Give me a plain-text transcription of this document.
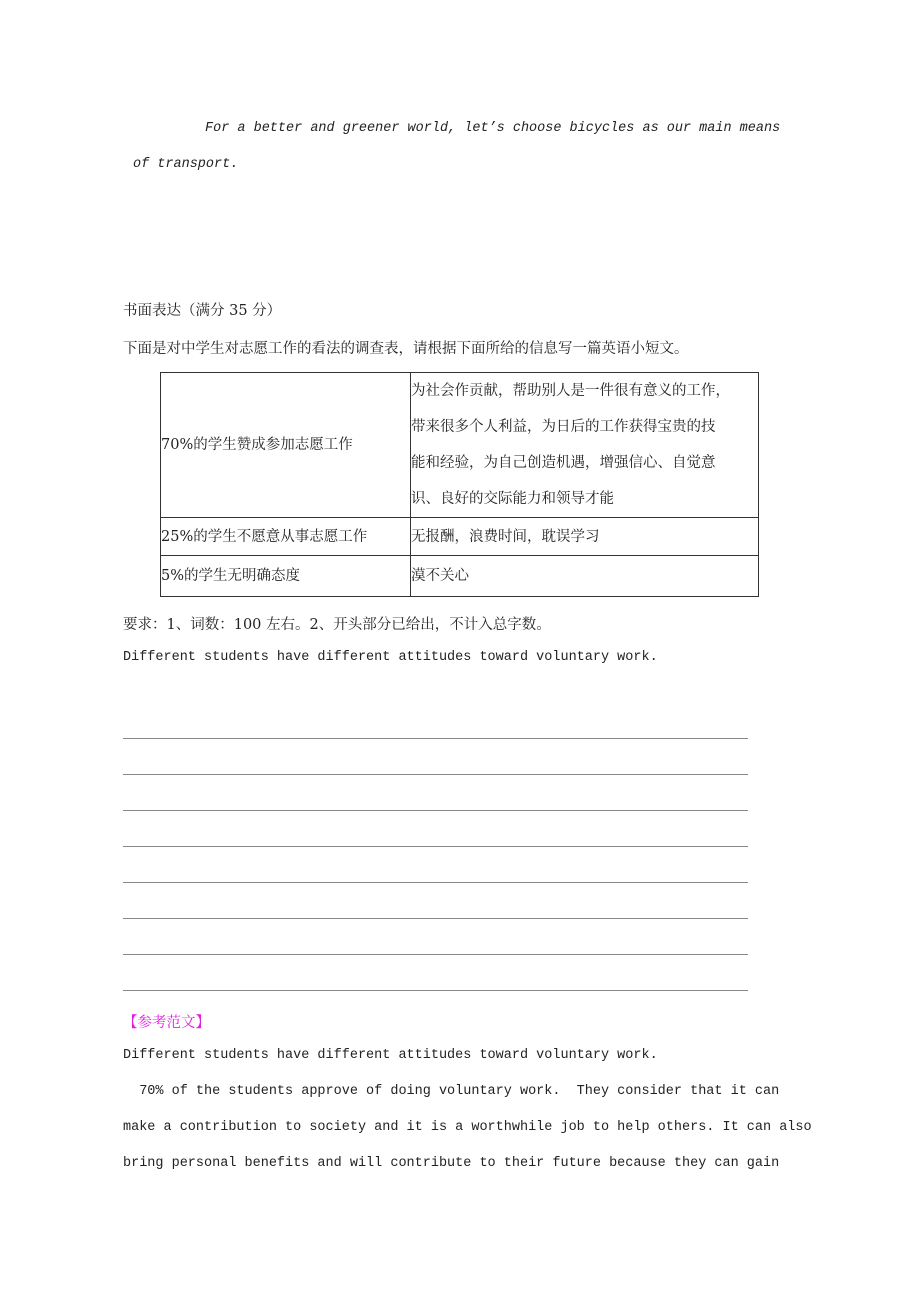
For a better and greener world, let’s choose bicycles as our main means
of transport.
书面表达（满分 35 分）
下面是对中学生对志愿工作的看法的调查表，请根据下面所给的信息写一篇英语小短文。
70%的学生赞成参加志愿工作	为社会作贡献，帮助别人是一件很有意义的工作，
带来很多个人利益，为日后的工作获得宝贵的技
能和经验，为自己创造机遇，增强信心、自觉意
识、良好的交际能力和领导才能

25%的学生不愿意从事志愿工作	无报酬，浪费时间，耽误学习
5%的学生无明确态度	漠不关心
要求：1、词数：100 左右。2、开头部分已给出，不计入总字数。
Different students have different attitudes toward voluntary work.
【参考范文】
Different students have different attitudes toward voluntary work.
70% of the students approve of doing voluntary work.  They consider that it can
make a contribution to society and it is a worthwhile job to help others. It can also
bring personal benefits and will contribute to their future because they can gain
